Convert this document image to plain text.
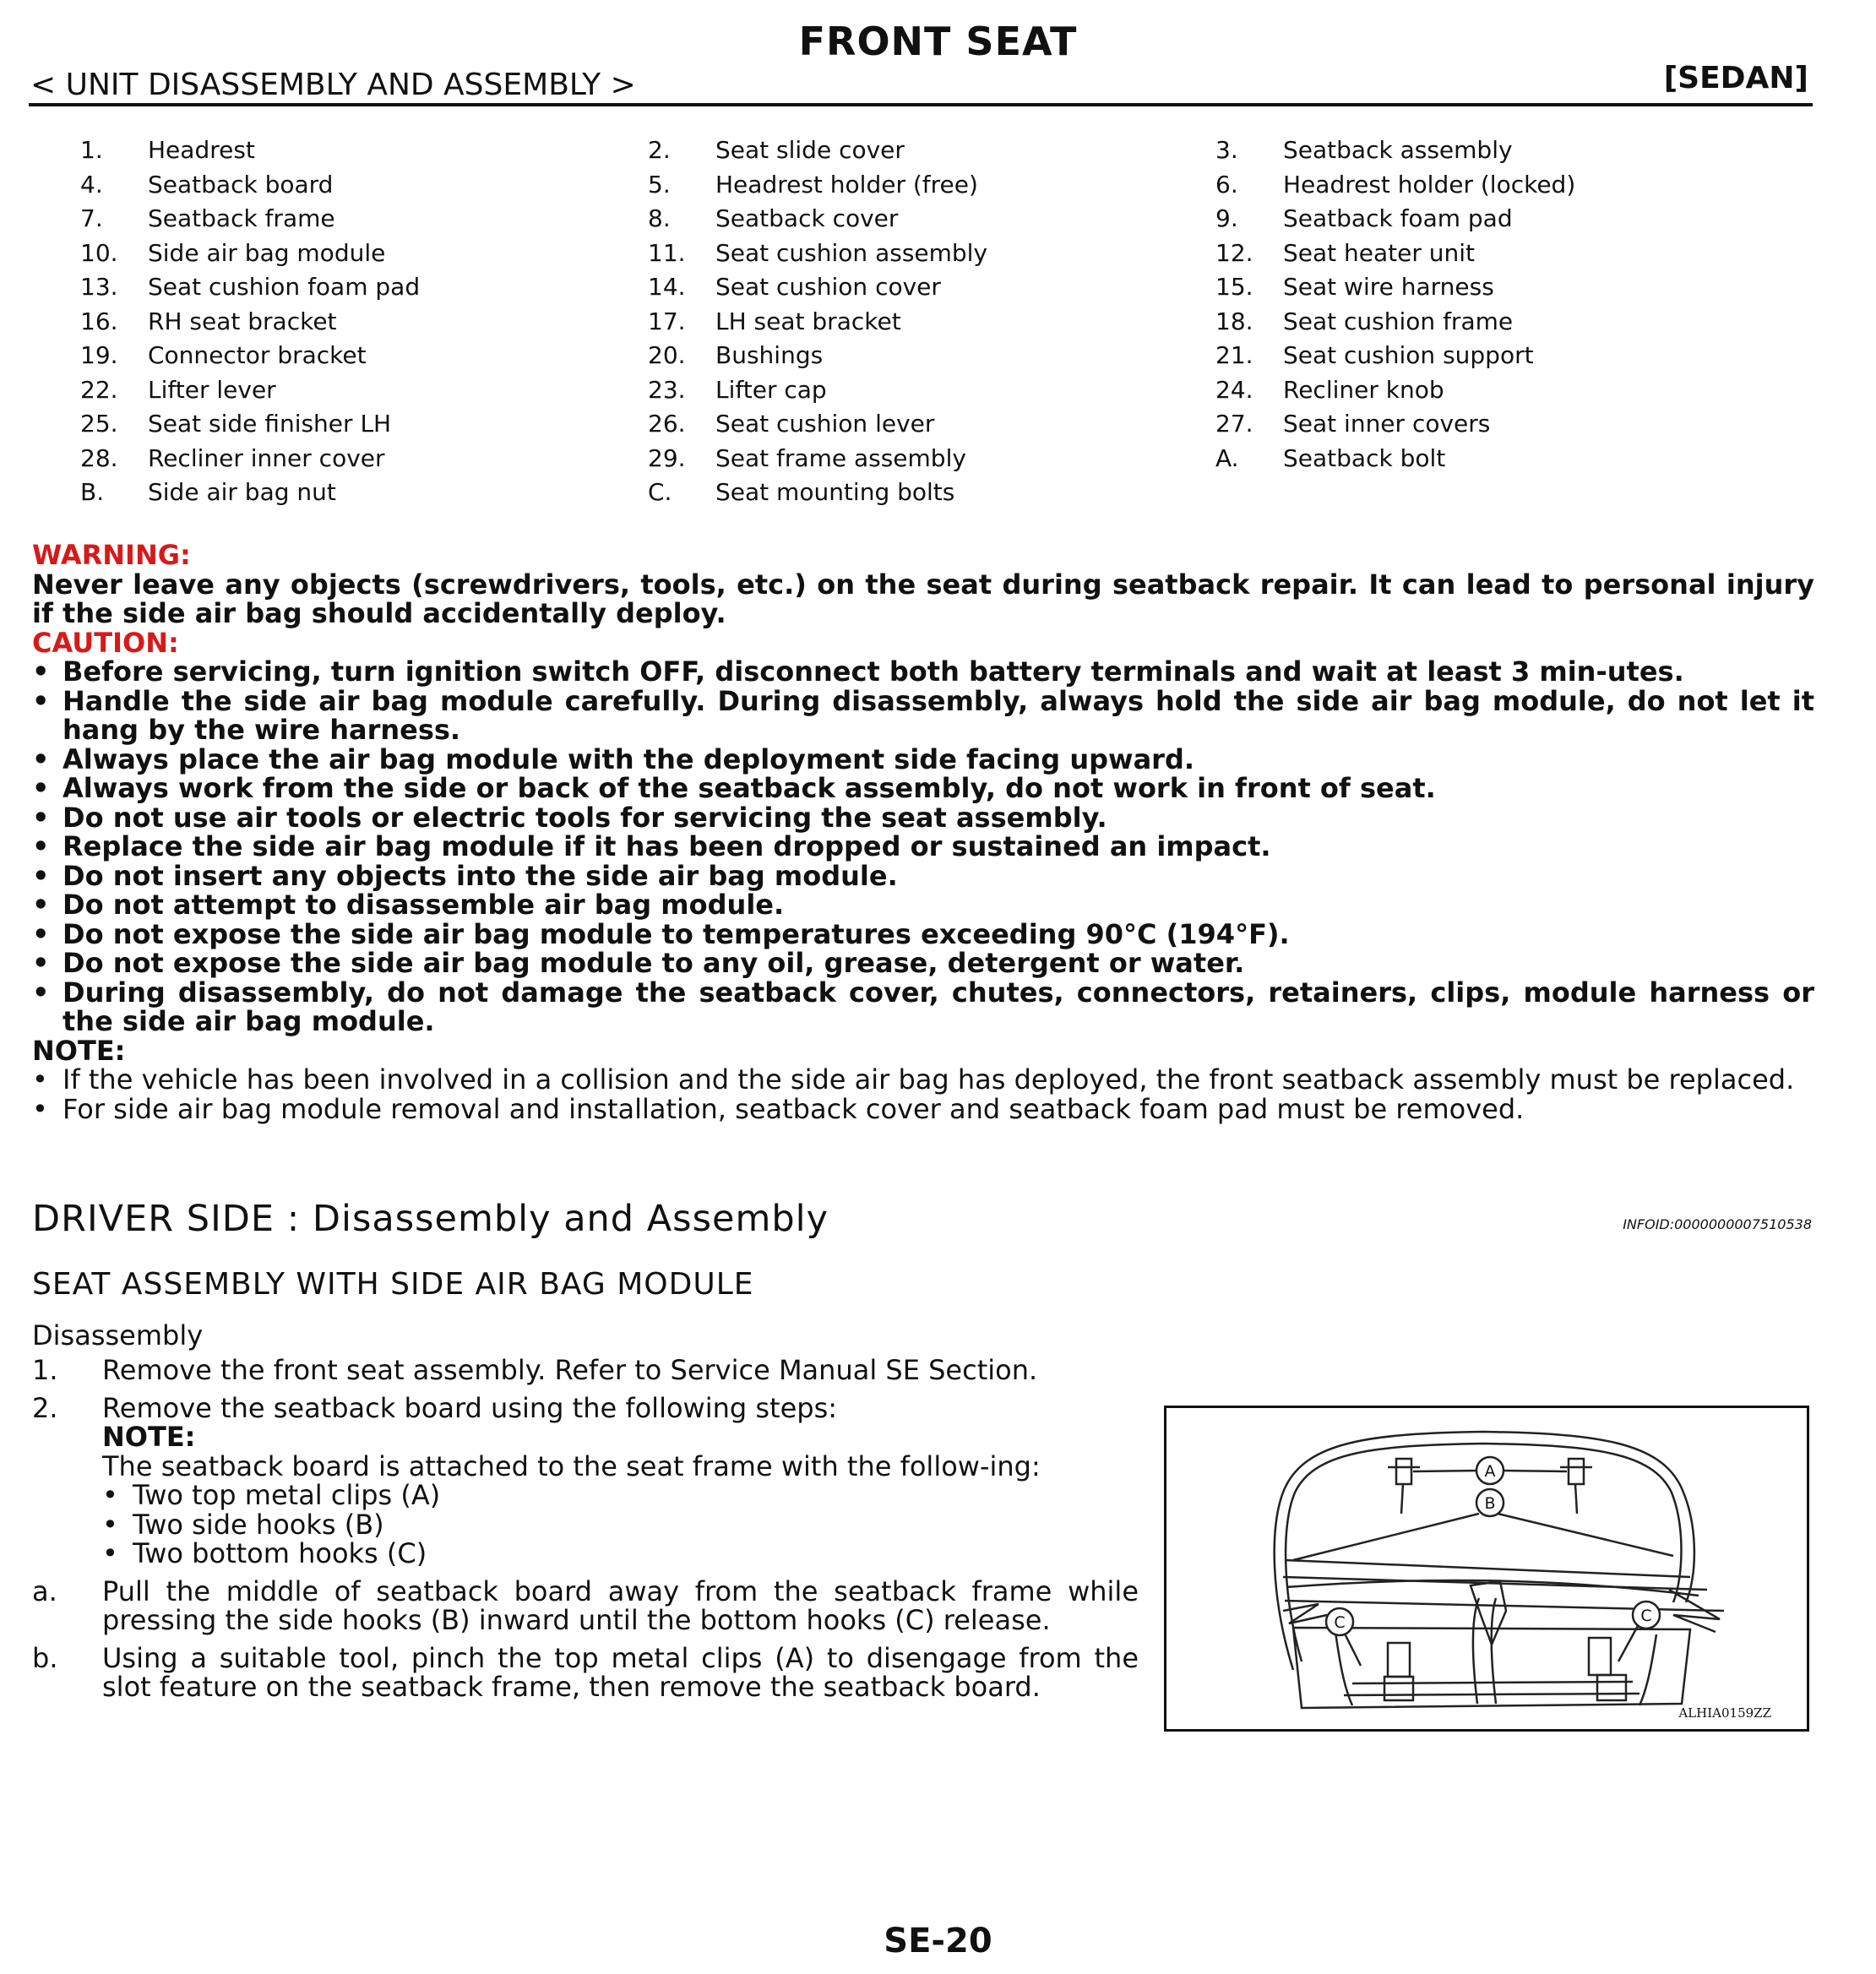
FRONT SEAT
< UNIT DISASSEMBLY AND ASSEMBLY >	[SEDAN]
1.	Headrest	2.	Seat slide cover	3.	Seatback assembly
4.	Seatback board	5.	Headrest holder (free)	6.	Headrest holder (locked)
7.	Seatback frame	8.	Seatback cover	9.	Seatback foam pad
10.	Side air bag module	11.	Seat cushion assembly	12.	Seat heater unit
13.	Seat cushion foam pad	14.	Seat cushion cover	15.	Seat wire harness
16.	RH seat bracket	17.	LH seat bracket	18.	Seat cushion frame
19.	Connector bracket	20.	Bushings	21.	Seat cushion support
22.	Lifter lever	23.	Lifter cap	24.	Recliner knob
25.	Seat side finisher LH	26.	Seat cushion lever	27.	Seat inner covers
28.	Recliner inner cover	29.	Seat frame assembly	A.	Seatback bolt
B.	Side air bag nut	C.	Seat mounting bolts
WARNING:
Never leave any objects (screwdrivers, tools, etc.) on the seat during seatback repair. It can lead to personal injury if the side air bag should accidentally deploy.
CAUTION:
• Before servicing, turn ignition switch OFF, disconnect both battery terminals and wait at least 3 min-utes.
• Handle the side air bag module carefully. During disassembly, always hold the side air bag module, do not let it hang by the wire harness.
• Always place the air bag module with the deployment side facing upward.
• Always work from the side or back of the seatback assembly, do not work in front of seat.
• Do not use air tools or electric tools for servicing the seat assembly.
• Replace the side air bag module if it has been dropped or sustained an impact.
• Do not insert any objects into the side air bag module.
• Do not attempt to disassemble air bag module.
• Do not expose the side air bag module to temperatures exceeding 90°C (194°F).
• Do not expose the side air bag module to any oil, grease, detergent or water.
• During disassembly, do not damage the seatback cover, chutes, connectors, retainers, clips, module harness or the side air bag module.
NOTE:
• If the vehicle has been involved in a collision and the side air bag has deployed, the front seatback assembly must be replaced.
• For side air bag module removal and installation, seatback cover and seatback foam pad must be removed.
DRIVER SIDE : Disassembly and Assembly	INFOID:0000000007510538
SEAT ASSEMBLY WITH SIDE AIR BAG MODULE
Disassembly
1.	Remove the front seat assembly. Refer to Service Manual SE Section.
2.	Remove the seatback board using the following steps:
NOTE:
The seatback board is attached to the seat frame with the follow-ing:
• Two top metal clips (A)
• Two side hooks (B)
• Two bottom hooks (C)
a.	Pull the middle of seatback board away from the seatback frame while pressing the side hooks (B) inward until the bottom hooks (C) release.
b.	Using a suitable tool, pinch the top metal clips (A) to disengage from the slot feature on the seatback frame, then remove the seatback board.
A
B
C	C
ALHIA0159ZZ
SE-20
